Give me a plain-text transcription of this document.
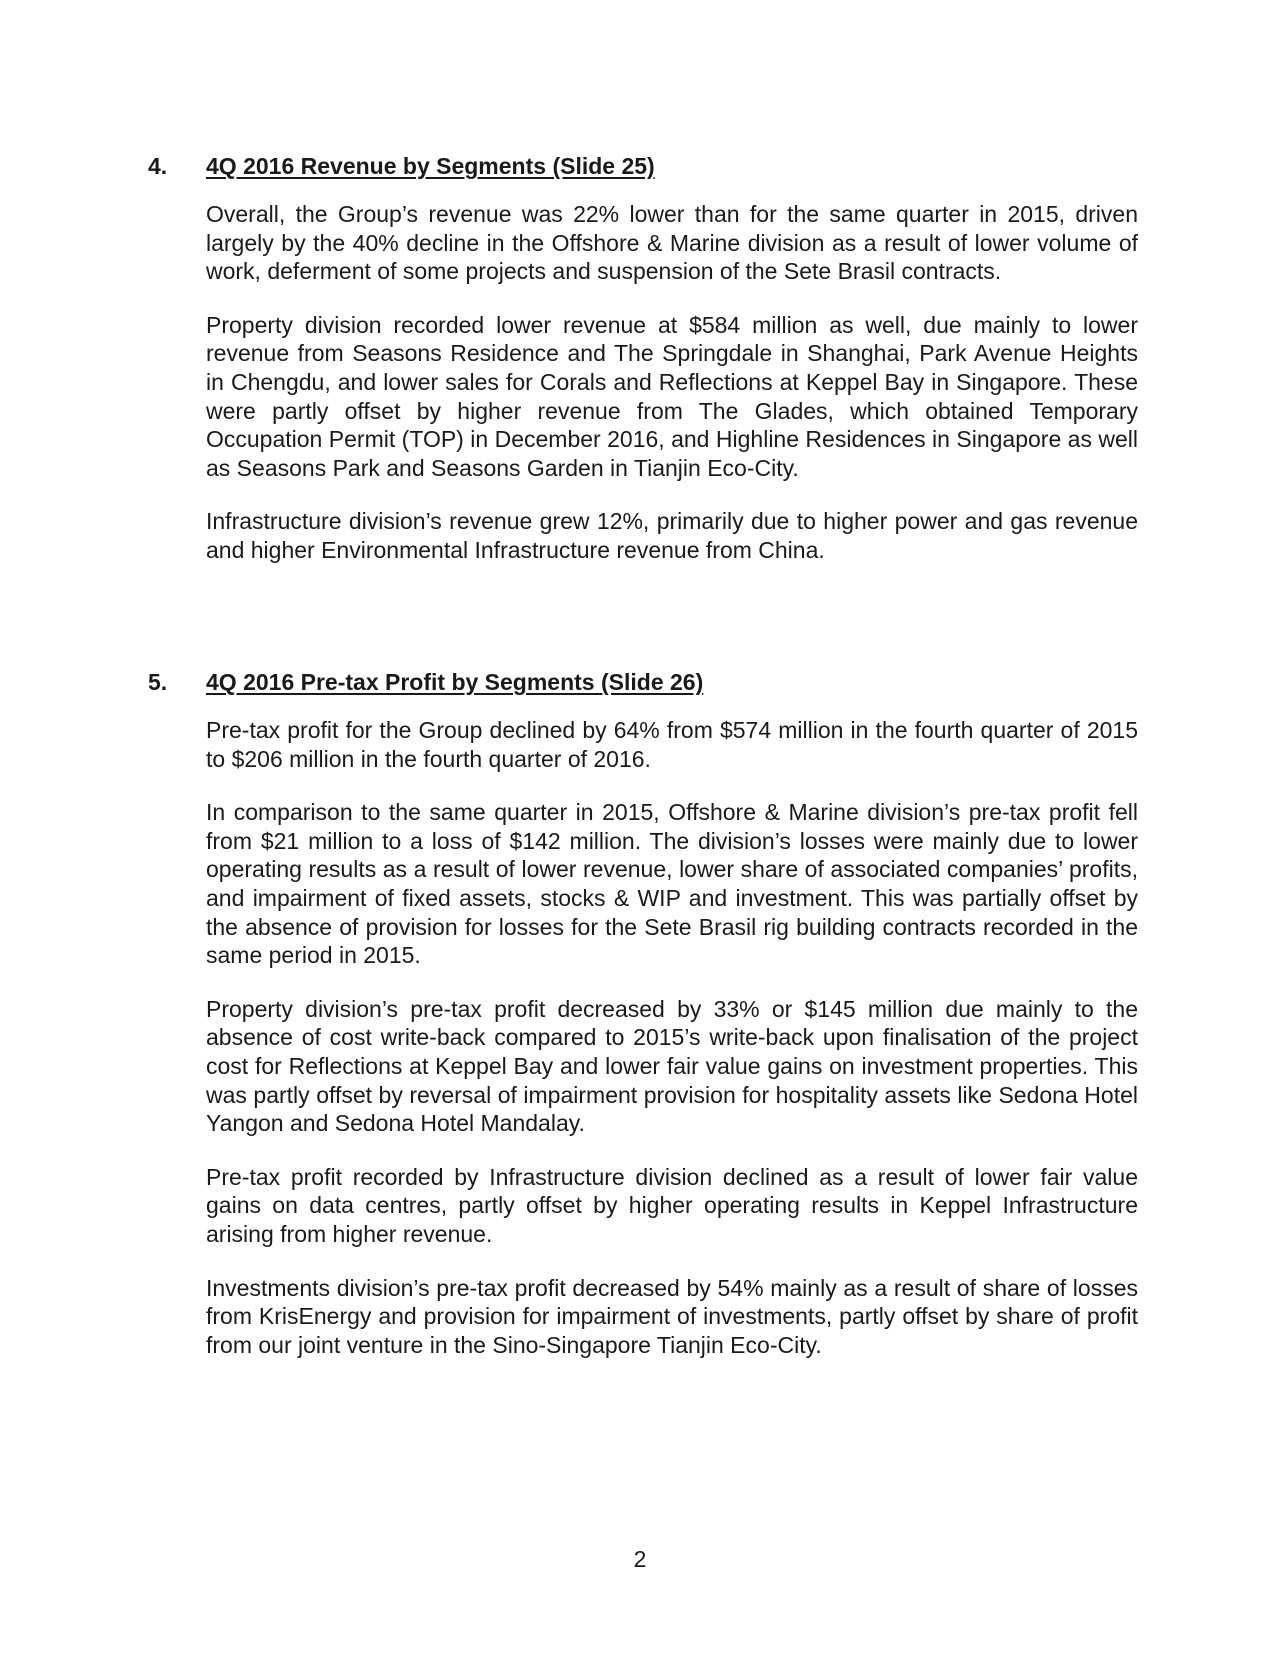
4. 4Q 2016 Revenue by Segments (Slide 25)

Overall, the Group’s revenue was 22% lower than for the same quarter in 2015, driven largely by the 40% decline in the Offshore & Marine division as a result of lower volume of work, deferment of some projects and suspension of the Sete Brasil contracts.

Property division recorded lower revenue at $584 million as well, due mainly to lower revenue from Seasons Residence and The Springdale in Shanghai, Park Avenue Heights in Chengdu, and lower sales for Corals and Reflections at Keppel Bay in Singapore. These were partly offset by higher revenue from The Glades, which obtained Temporary Occupation Permit (TOP) in December 2016, and Highline Residences in Singapore as well as Seasons Park and Seasons Garden in Tianjin Eco-City.

Infrastructure division’s revenue grew 12%, primarily due to higher power and gas revenue and higher Environmental Infrastructure revenue from China.

5. 4Q 2016 Pre-tax Profit by Segments (Slide 26)

Pre-tax profit for the Group declined by 64% from $574 million in the fourth quarter of 2015 to $206 million in the fourth quarter of 2016.

In comparison to the same quarter in 2015, Offshore & Marine division’s pre-tax profit fell from $21 million to a loss of $142 million. The division’s losses were mainly due to lower operating results as a result of lower revenue, lower share of associated companies’ profits, and impairment of fixed assets, stocks & WIP and investment. This was partially offset by the absence of provision for losses for the Sete Brasil rig building contracts recorded in the same period in 2015.

Property division’s pre-tax profit decreased by 33% or $145 million due mainly to the absence of cost write-back compared to 2015’s write-back upon finalisation of the project cost for Reflections at Keppel Bay and lower fair value gains on investment properties. This was partly offset by reversal of impairment provision for hospitality assets like Sedona Hotel Yangon and Sedona Hotel Mandalay.

Pre-tax profit recorded by Infrastructure division declined as a result of lower fair value gains on data centres, partly offset by higher operating results in Keppel Infrastructure arising from higher revenue.

Investments division’s pre-tax profit decreased by 54% mainly as a result of share of losses from KrisEnergy and provision for impairment of investments, partly offset by share of profit from our joint venture in the Sino-Singapore Tianjin Eco-City.

2
